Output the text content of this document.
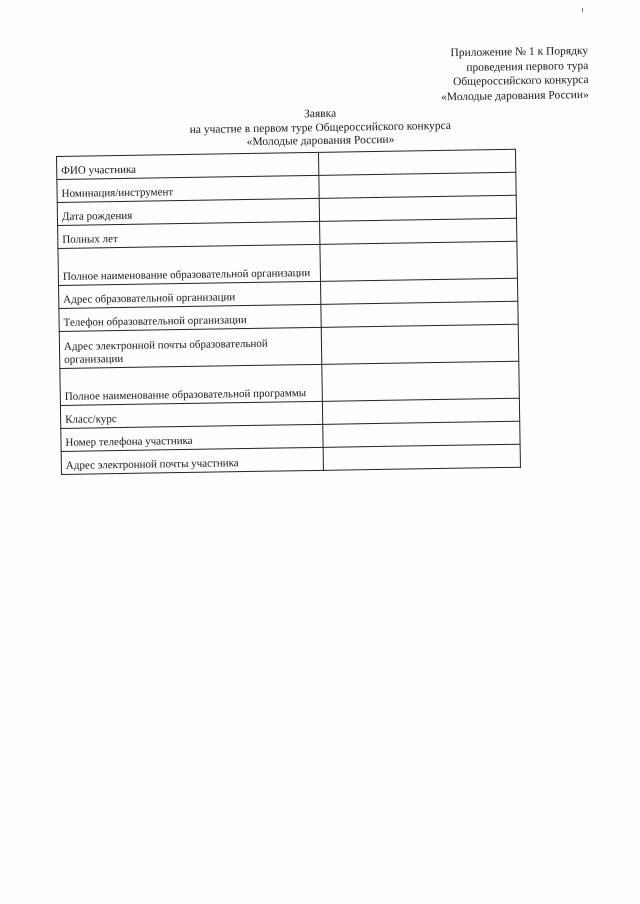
Приложение № 1 к Порядку
проведения первого тура
Общероссийского конкурса
«Молодые дарования России»
Заявка
на участие в первом туре Общероссийского конкурса
«Молодые дарования России»
ФИО участника	
Номинация/инструмент	
Дата рождения	
Полных лет	
Полное наименование образовательной организации	
Адрес образовательной организации	
Телефон образовательной организации	
Адрес электронной почты образовательной организации	
Полное наименование образовательной программы	
Класс/курс	
Номер телефона участника	
Адрес электронной почты участника	
